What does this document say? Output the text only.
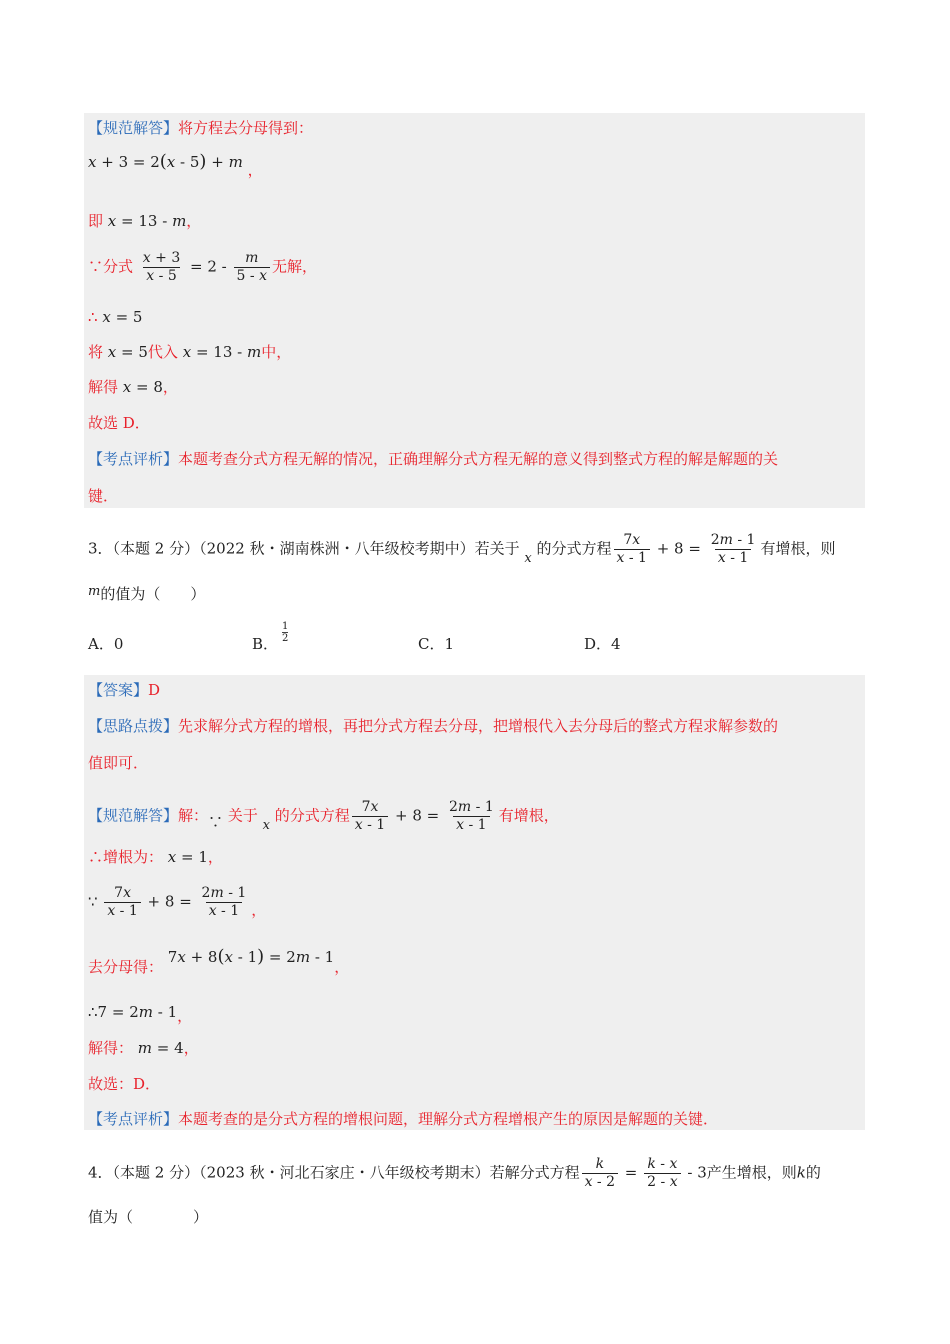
【规范解答】将方程去分母得到：
x + 3 = 2(x - 5) + m ，
即 x = 13 - m，
∵分式 $\frac{x + 3}{x - 5} = 2 - \frac{m}{5 - x}$ 无解，
∴ x = 5
将 x = 5代入 x = 13 - m中，
解得 x = 8，
故选 D．
【考点评析】本题考查分式方程无解的情况，正确理解分式方程无解的意义得到整式方程的解是解题的关
键．
3．（本题 2 分）（2022 秋・湖南株洲・八年级校考期中）若关于 x 的分式方程 $\frac{7x}{x - 1} + 8 = \frac{2m - 1}{x - 1}$ 有增根，则
m的值为（　　）
A．0	B． $\frac{1}{2}$	C．1	D．4
【答案】D
【思路点拨】先求解分式方程的增根，再把分式方程去分母，把增根代入去分母后的整式方程求解参数的
值即可．
【规范解答】解：∵ 关于 x 的分式方程 $\frac{7x}{x - 1} + 8 = \frac{2m - 1}{x - 1}$ 有增根，
∴增根为： x = 1，
∵ $\frac{7x}{x - 1} + 8 = \frac{2m - 1}{x - 1}$ ，
去分母得： 7x + 8(x - 1) = 2m - 1，
∴7 = 2m - 1，
解得： m = 4，
故选：D．
【考点评析】本题考查的是分式方程的增根问题，理解分式方程增根产生的原因是解题的关键．
4．（本题 2 分）（2023 秋・河北石家庄・八年级校考期末）若解分式方程 $\frac{k}{x - 2} = \frac{k - x}{2 - x} - 3$产生增根，则k的
值为（　　　　）
